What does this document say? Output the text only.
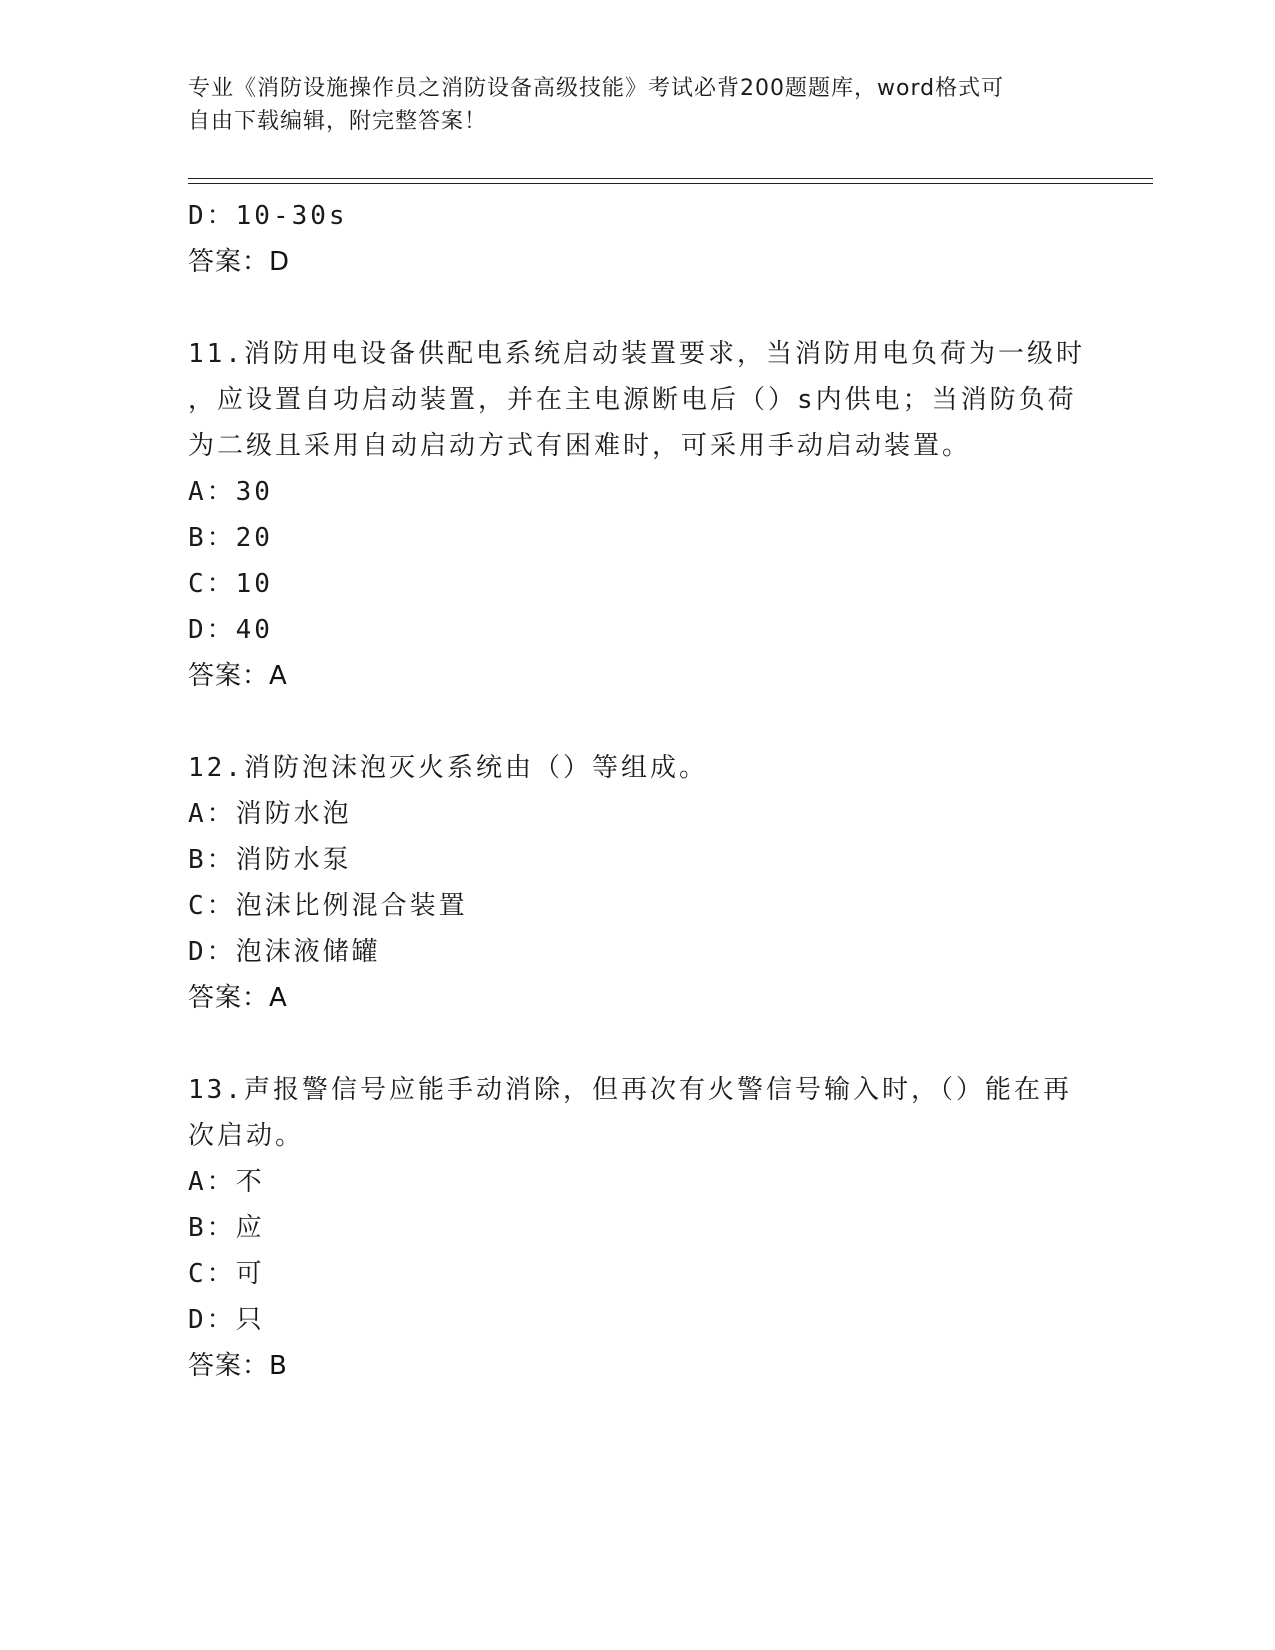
专业《消防设施操作员之消防设备高级技能》考试必背200题题库，word格式可
自由下载编辑，附完整答案！
D：10-30s
答案：D
11.消防用电设备供配电系统启动装置要求，当消防用电负荷为一级时
，应设置自功启动装置，并在主电源断电后（）s内供电；当消防负荷
为二级且采用自动启动方式有困难时，可采用手动启动装置。
A：30
B：20
C：10
D：40
答案：A
12.消防泡沫泡灭火系统由（）等组成。
A：消防水泡
B：消防水泵
C：泡沫比例混合装置
D：泡沫液储罐
答案：A
13.声报警信号应能手动消除，但再次有火警信号输入时，（）能在再
次启动。
A：不
B：应
C：可
D：只
答案：B
